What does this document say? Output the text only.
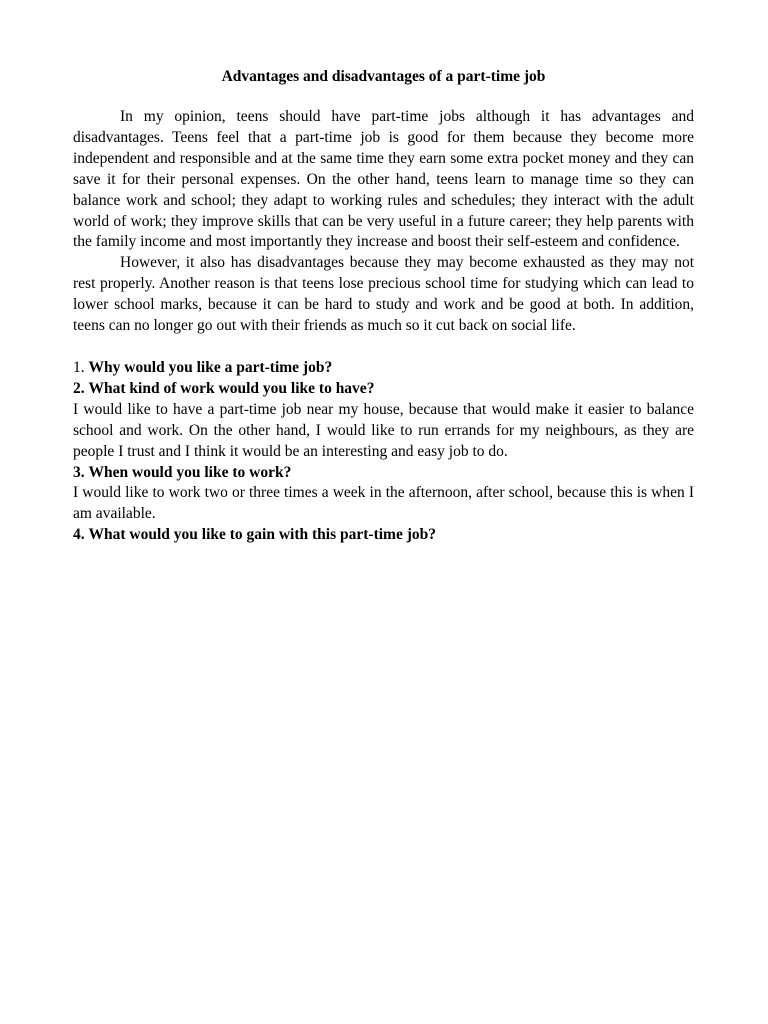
Advantages and disadvantages of a part-time job

In my opinion, teens should have part-time jobs although it has advantages and disadvantages. Teens feel that a part-time job is good for them because they become more independent and responsible and at the same time they earn some extra pocket money and they can save it for their personal expenses. On the other hand, teens learn to manage time so they can balance work and school; they adapt to working rules and schedules; they interact with the adult world of work; they improve skills that can be very useful in a future career; they help parents with the family income and most importantly they increase and boost their self-esteem and confidence.

However, it also has disadvantages because they may become exhausted as they may not rest properly. Another reason is that teens lose precious school time for studying which can lead to lower school marks, because it can be hard to study and work and be good at both. In addition, teens can no longer go out with their friends as much so it cut back on social life.

1. Why would you like a part-time job?

2. What kind of work would you like to have?

I would like to have a part-time job near my house, because that would make it easier to balance school and work. On the other hand, I would like to run errands for my neighbours, as they are people I trust and I think it would be an interesting and easy job to do.

3. When would you like to work?

I would like to work two or three times a week in the afternoon, after school, because this is when I am available.

4. What would you like to gain with this part-time job?
